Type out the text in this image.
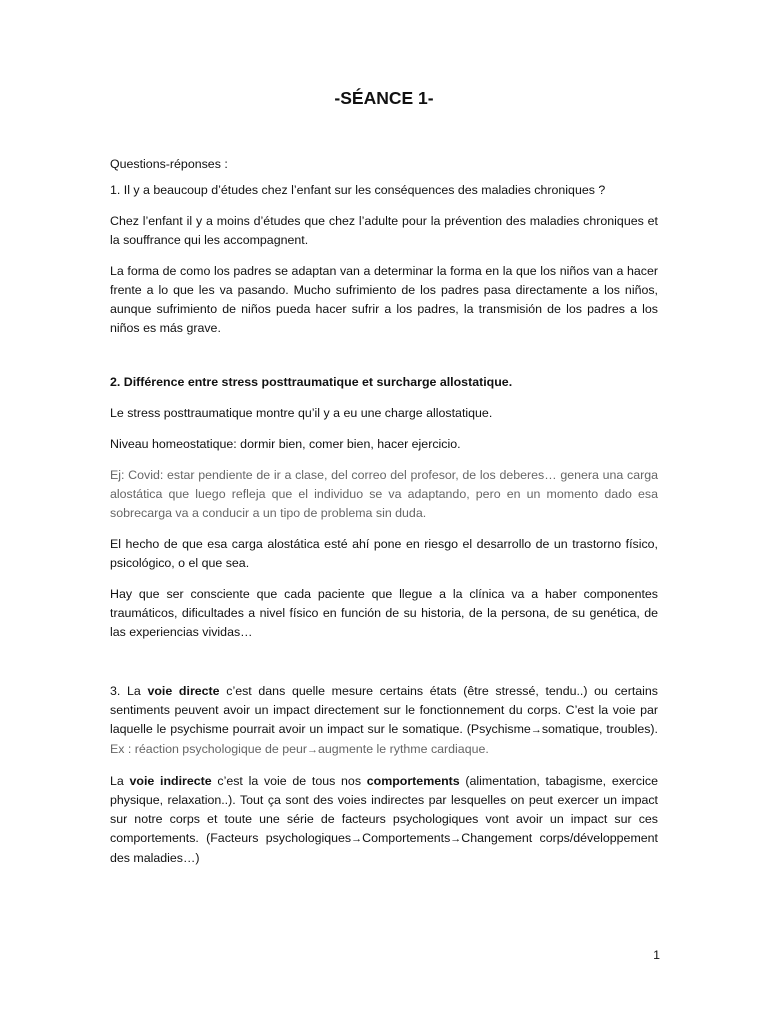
-SÉANCE 1-

Questions-réponses :

1. Il y a beaucoup d’études chez l’enfant sur les conséquences des maladies chroniques ?

Chez l’enfant il y a moins d’études que chez l’adulte pour la prévention des maladies chroniques et la souffrance qui les accompagnent.

La forma de como los padres se adaptan van a determinar la forma en la que los niños van a hacer frente a lo que les va pasando. Mucho sufrimiento de los padres pasa directamente a los niños, aunque sufrimiento de niños pueda hacer sufrir a los padres, la transmisión de los padres a los niños es más grave.

2. Différence entre stress posttraumatique et surcharge allostatique.

Le stress posttraumatique montre qu’il y a eu une charge allostatique.

Niveau homeostatique: dormir bien, comer bien, hacer ejercicio.

Ej: Covid: estar pendiente de ir a clase, del correo del profesor, de los deberes… genera una carga alostática que luego refleja que el individuo se va adaptando, pero en un momento dado esa sobrecarga va a conducir a un tipo de problema sin duda.

El hecho de que esa carga alostática esté ahí pone en riesgo el desarrollo de un trastorno físico, psicológico, o el que sea.

Hay que ser consciente que cada paciente que llegue a la clínica va a haber componentes traumáticos, dificultades a nivel físico en función de su historia, de la persona, de su genética, de las experiencias vividas…

3. La voie directe c’est dans quelle mesure certains états (être stressé, tendu..) ou certains sentiments peuvent avoir un impact directement sur le fonctionnement du corps. C’est la voie par laquelle le psychisme pourrait avoir un impact sur le somatique. (Psychisme→somatique, troubles). Ex : réaction psychologique de peur→augmente le rythme cardiaque.

La voie indirecte c’est la voie de tous nos comportements (alimentation, tabagisme, exercice physique, relaxation..). Tout ça sont des voies indirectes par lesquelles on peut exercer un impact sur notre corps et toute une série de facteurs psychologiques vont avoir un impact sur ces comportements. (Facteurs psychologiques→Comportements→Changement corps/développement des maladies…)

1
